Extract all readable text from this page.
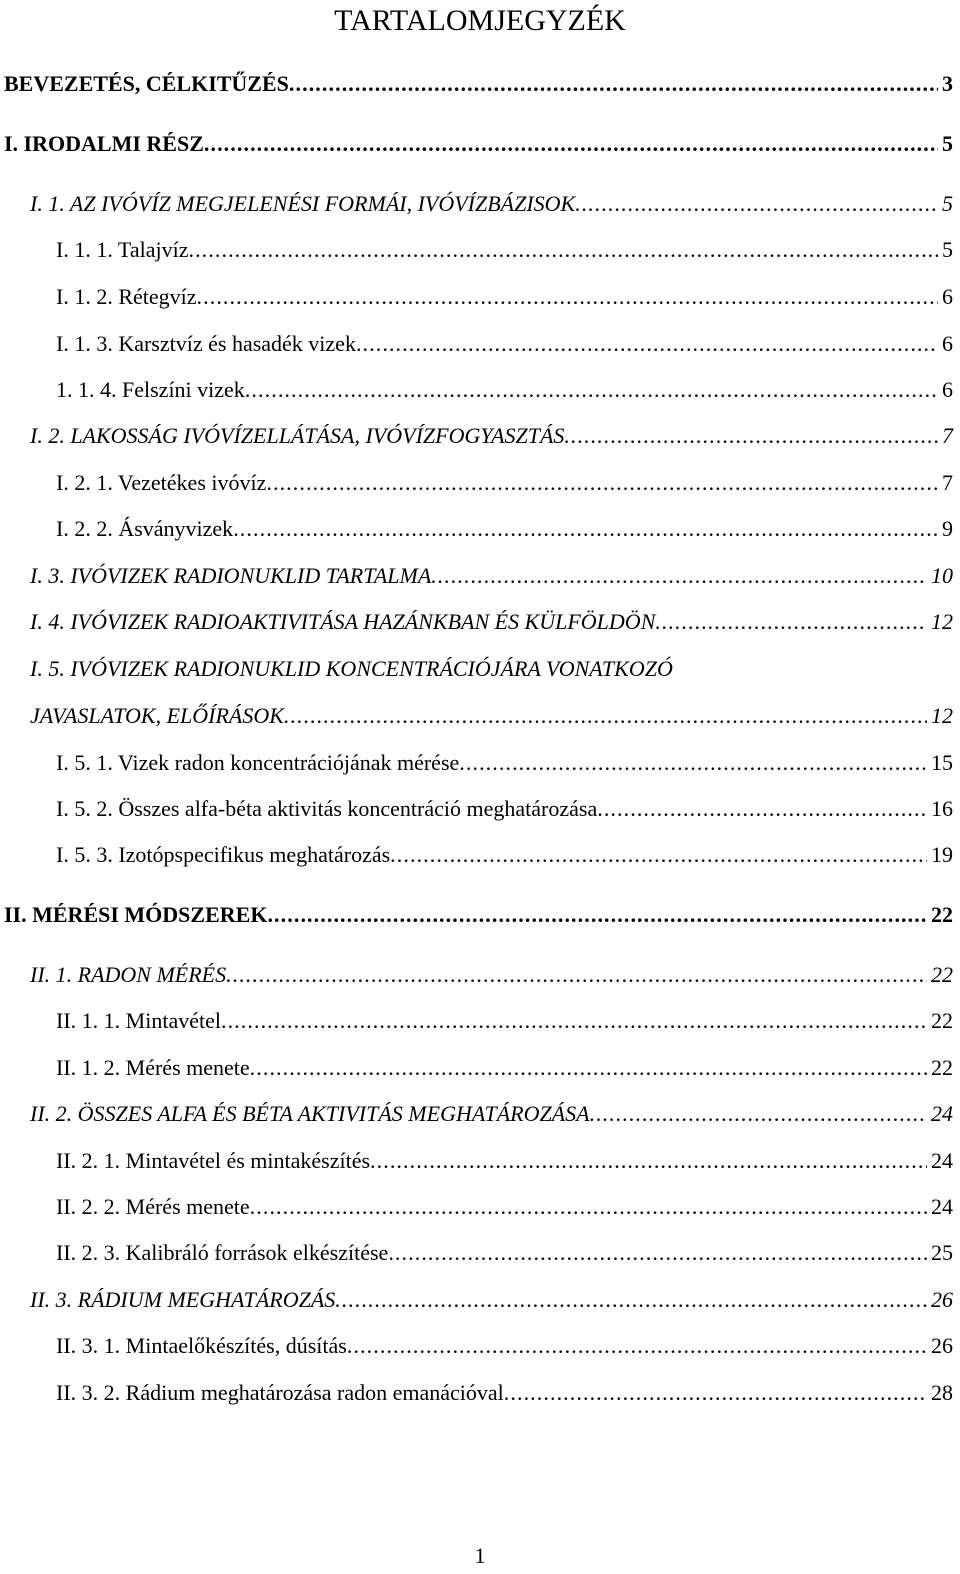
TARTALOMJEGYZÉK
BEVEZETÉS, CÉLKITŰZÉS . . .	3
I. IRODALMI RÉSZ . . .	5
I. 1. AZ IVÓVÍZ MEGJELENÉSI FORMÁI, IVÓVÍZBÁZISOK . . .	5
I. 1. 1. Talajvíz . . .	5
I. 1. 2. Rétegvíz . . .	6
I. 1. 3. Karsztvíz és hasadék vizek . . .	6
1. 1. 4. Felszíni vizek . . .	6
I. 2. LAKOSSÁG IVÓVÍZELLÁTÁSA, IVÓVÍZFOGYASZTÁS . . .	7
I. 2. 1. Vezetékes ivóvíz . . .	7
I. 2. 2. Ásványvizek . . .	9
I. 3. IVÓVIZEK RADIONUKLID TARTALMA . . .	10
I. 4. IVÓVIZEK RADIOAKTIVITÁSA HAZÁNKBAN ÉS KÜLFÖLDÖN . . .	12
I. 5. IVÓVIZEK RADIONUKLID KONCENTRÁCIÓJÁRA VONATKOZÓ
JAVASLATOK, ELŐÍRÁSOK . . .	12
I. 5. 1. Vizek radon koncentrációjának mérése . . .	15
I. 5. 2. Összes alfa-béta aktivitás koncentráció meghatározása . . .	16
I. 5. 3. Izotópspecifikus meghatározás . . .	19
II. MÉRÉSI MÓDSZEREK . . .	22
II. 1. RADON MÉRÉS . . .	22
II. 1. 1. Mintavétel . . .	22
II. 1. 2. Mérés menete . . .	22
II. 2. ÖSSZES ALFA ÉS BÉTA AKTIVITÁS MEGHATÁROZÁSA . . .	24
II. 2. 1. Mintavétel és mintakészítés . . .	24
II. 2. 2. Mérés menete . . .	24
II. 2. 3. Kalibráló források elkészítése . . .	25
II. 3. RÁDIUM MEGHATÁROZÁS . . .	26
II. 3. 1. Mintaelőkészítés, dúsítás . . .	26
II. 3. 2. Rádium meghatározása radon emanációval . . .	28
1
